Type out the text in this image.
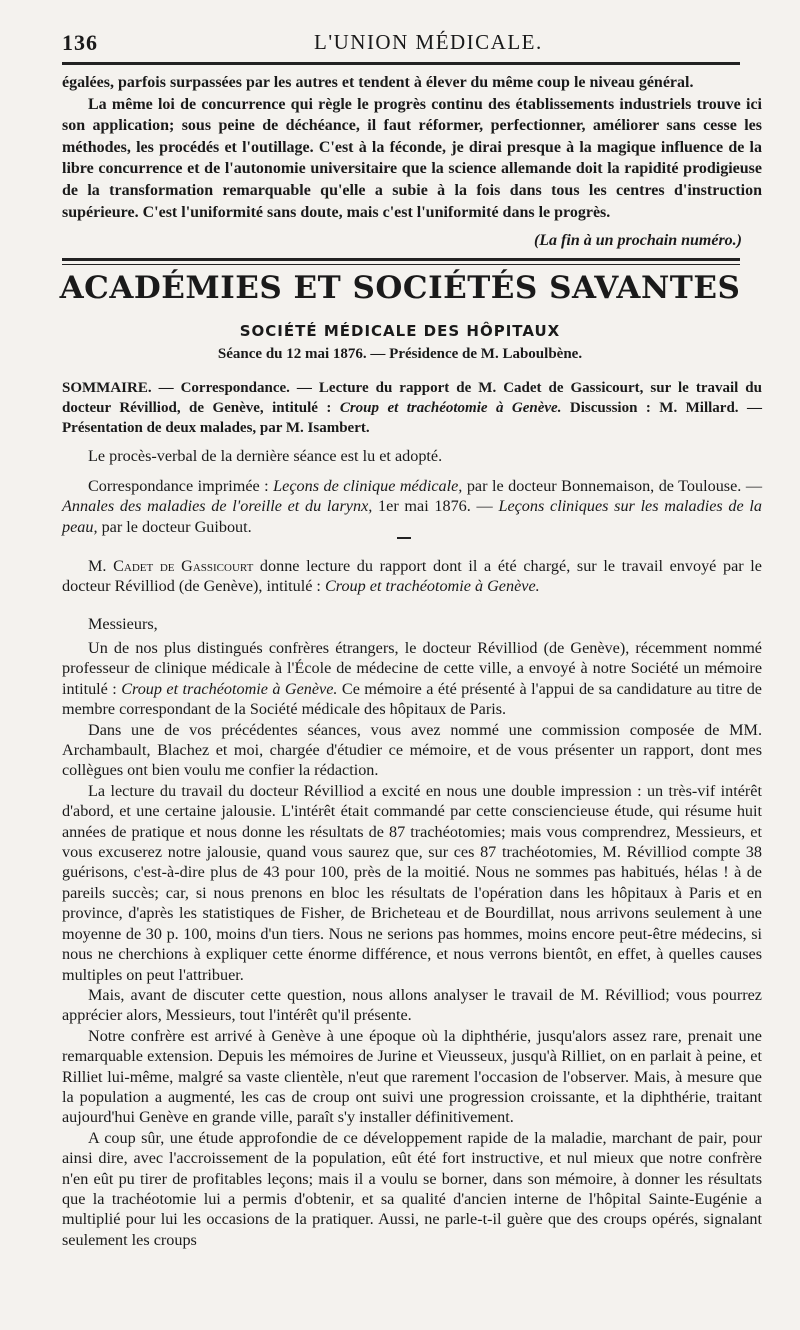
136	L'UNION MÉDICALE.

égalées, parfois surpassées par les autres et tendent à élever du même coup le niveau général.

La même loi de concurrence qui règle le progrès continu des établissements industriels trouve ici son application; sous peine de déchéance, il faut réformer, perfectionner, améliorer sans cesse les méthodes, les procédés et l'outillage. C'est à la féconde, je dirai presque à la magique influence de la libre concurrence et de l'autonomie universitaire que la science allemande doit la rapidité prodigieuse de la transformation remarquable qu'elle a subie à la fois dans tous les centres d'instruction supérieure. C'est l'uniformité sans doute, mais c'est l'uniformité dans le progrès.

(La fin à un prochain numéro.)
ACADÉMIES ET SOCIÉTÉS SAVANTES
SOCIÉTÉ MÉDICALE DES HÔPITAUX
Séance du 12 mai 1876. — Présidence de M. Laboulbène.

SOMMAIRE. — Correspondance. — Lecture du rapport de M. Cadet de Gassicourt, sur le travail du docteur Révilliod, de Genève, intitulé : Croup et trachéotomie à Genève. Discussion : M. Millard. — Présentation de deux malades, par M. Isambert.

Le procès-verbal de la dernière séance est lu et adopté.

Correspondance imprimée : Leçons de clinique médicale, par le docteur Bonnemaison, de Toulouse. — Annales des maladies de l'oreille et du larynx, 1er mai 1876. — Leçons cliniques sur les maladies de la peau, par le docteur Guibout.

M. Cadet de Gassicourt donne lecture du rapport dont il a été chargé, sur le travail envoyé par le docteur Révilliod (de Genève), intitulé : Croup et trachéotomie à Genève.

Messieurs,

Un de nos plus distingués confrères étrangers, le docteur Révilliod (de Genève), récemment nommé professeur de clinique médicale à l'École de médecine de cette ville, a envoyé à notre Société un mémoire intitulé : Croup et trachéotomie à Genève. Ce mémoire a été présenté à l'appui de sa candidature au titre de membre correspondant de la Société médicale des hôpitaux de Paris.

Dans une de vos précédentes séances, vous avez nommé une commission composée de MM. Archambault, Blachez et moi, chargée d'étudier ce mémoire, et de vous présenter un rapport, dont mes collègues ont bien voulu me confier la rédaction.

La lecture du travail du docteur Révilliod a excité en nous une double impression : un très-vif intérêt d'abord, et une certaine jalousie. L'intérêt était commandé par cette consciencieuse étude, qui résume huit années de pratique et nous donne les résultats de 87 trachéotomies; mais vous comprendrez, Messieurs, et vous excuserez notre jalousie, quand vous saurez que, sur ces 87 trachéotomies, M. Révilliod compte 38 guérisons, c'est-à-dire plus de 43 pour 100, près de la moitié. Nous ne sommes pas habitués, hélas ! à de pareils succès; car, si nous prenons en bloc les résultats de l'opération dans les hôpitaux à Paris et en province, d'après les statistiques de Fisher, de Bricheteau et de Bourdillat, nous arrivons seulement à une moyenne de 30 p. 100, moins d'un tiers. Nous ne serions pas hommes, moins encore peut-être médecins, si nous ne cherchions à expliquer cette énorme différence, et nous verrons bientôt, en effet, à quelles causes multiples on peut l'attribuer.

Mais, avant de discuter cette question, nous allons analyser le travail de M. Révilliod; vous pourrez apprécier alors, Messieurs, tout l'intérêt qu'il présente.

Notre confrère est arrivé à Genève à une époque où la diphthérie, jusqu'alors assez rare, prenait une remarquable extension. Depuis les mémoires de Jurine et Vieusseux, jusqu'à Rilliet, on en parlait à peine, et Rilliet lui-même, malgré sa vaste clientèle, n'eut que rarement l'occasion de l'observer. Mais, à mesure que la population a augmenté, les cas de croup ont suivi une progression croissante, et la diphthérie, traitant aujourd'hui Genève en grande ville, paraît s'y installer définitivement.

A coup sûr, une étude approfondie de ce développement rapide de la maladie, marchant de pair, pour ainsi dire, avec l'accroissement de la population, eût été fort instructive, et nul mieux que notre confrère n'en eût pu tirer de profitables leçons; mais il a voulu se borner, dans son mémoire, à donner les résultats que la trachéotomie lui a permis d'obtenir, et sa qualité d'ancien interne de l'hôpital Sainte-Eugénie a multiplié pour lui les occasions de la pratiquer. Aussi, ne parle-t-il guère que des croups opérés, signalant seulement les croups
